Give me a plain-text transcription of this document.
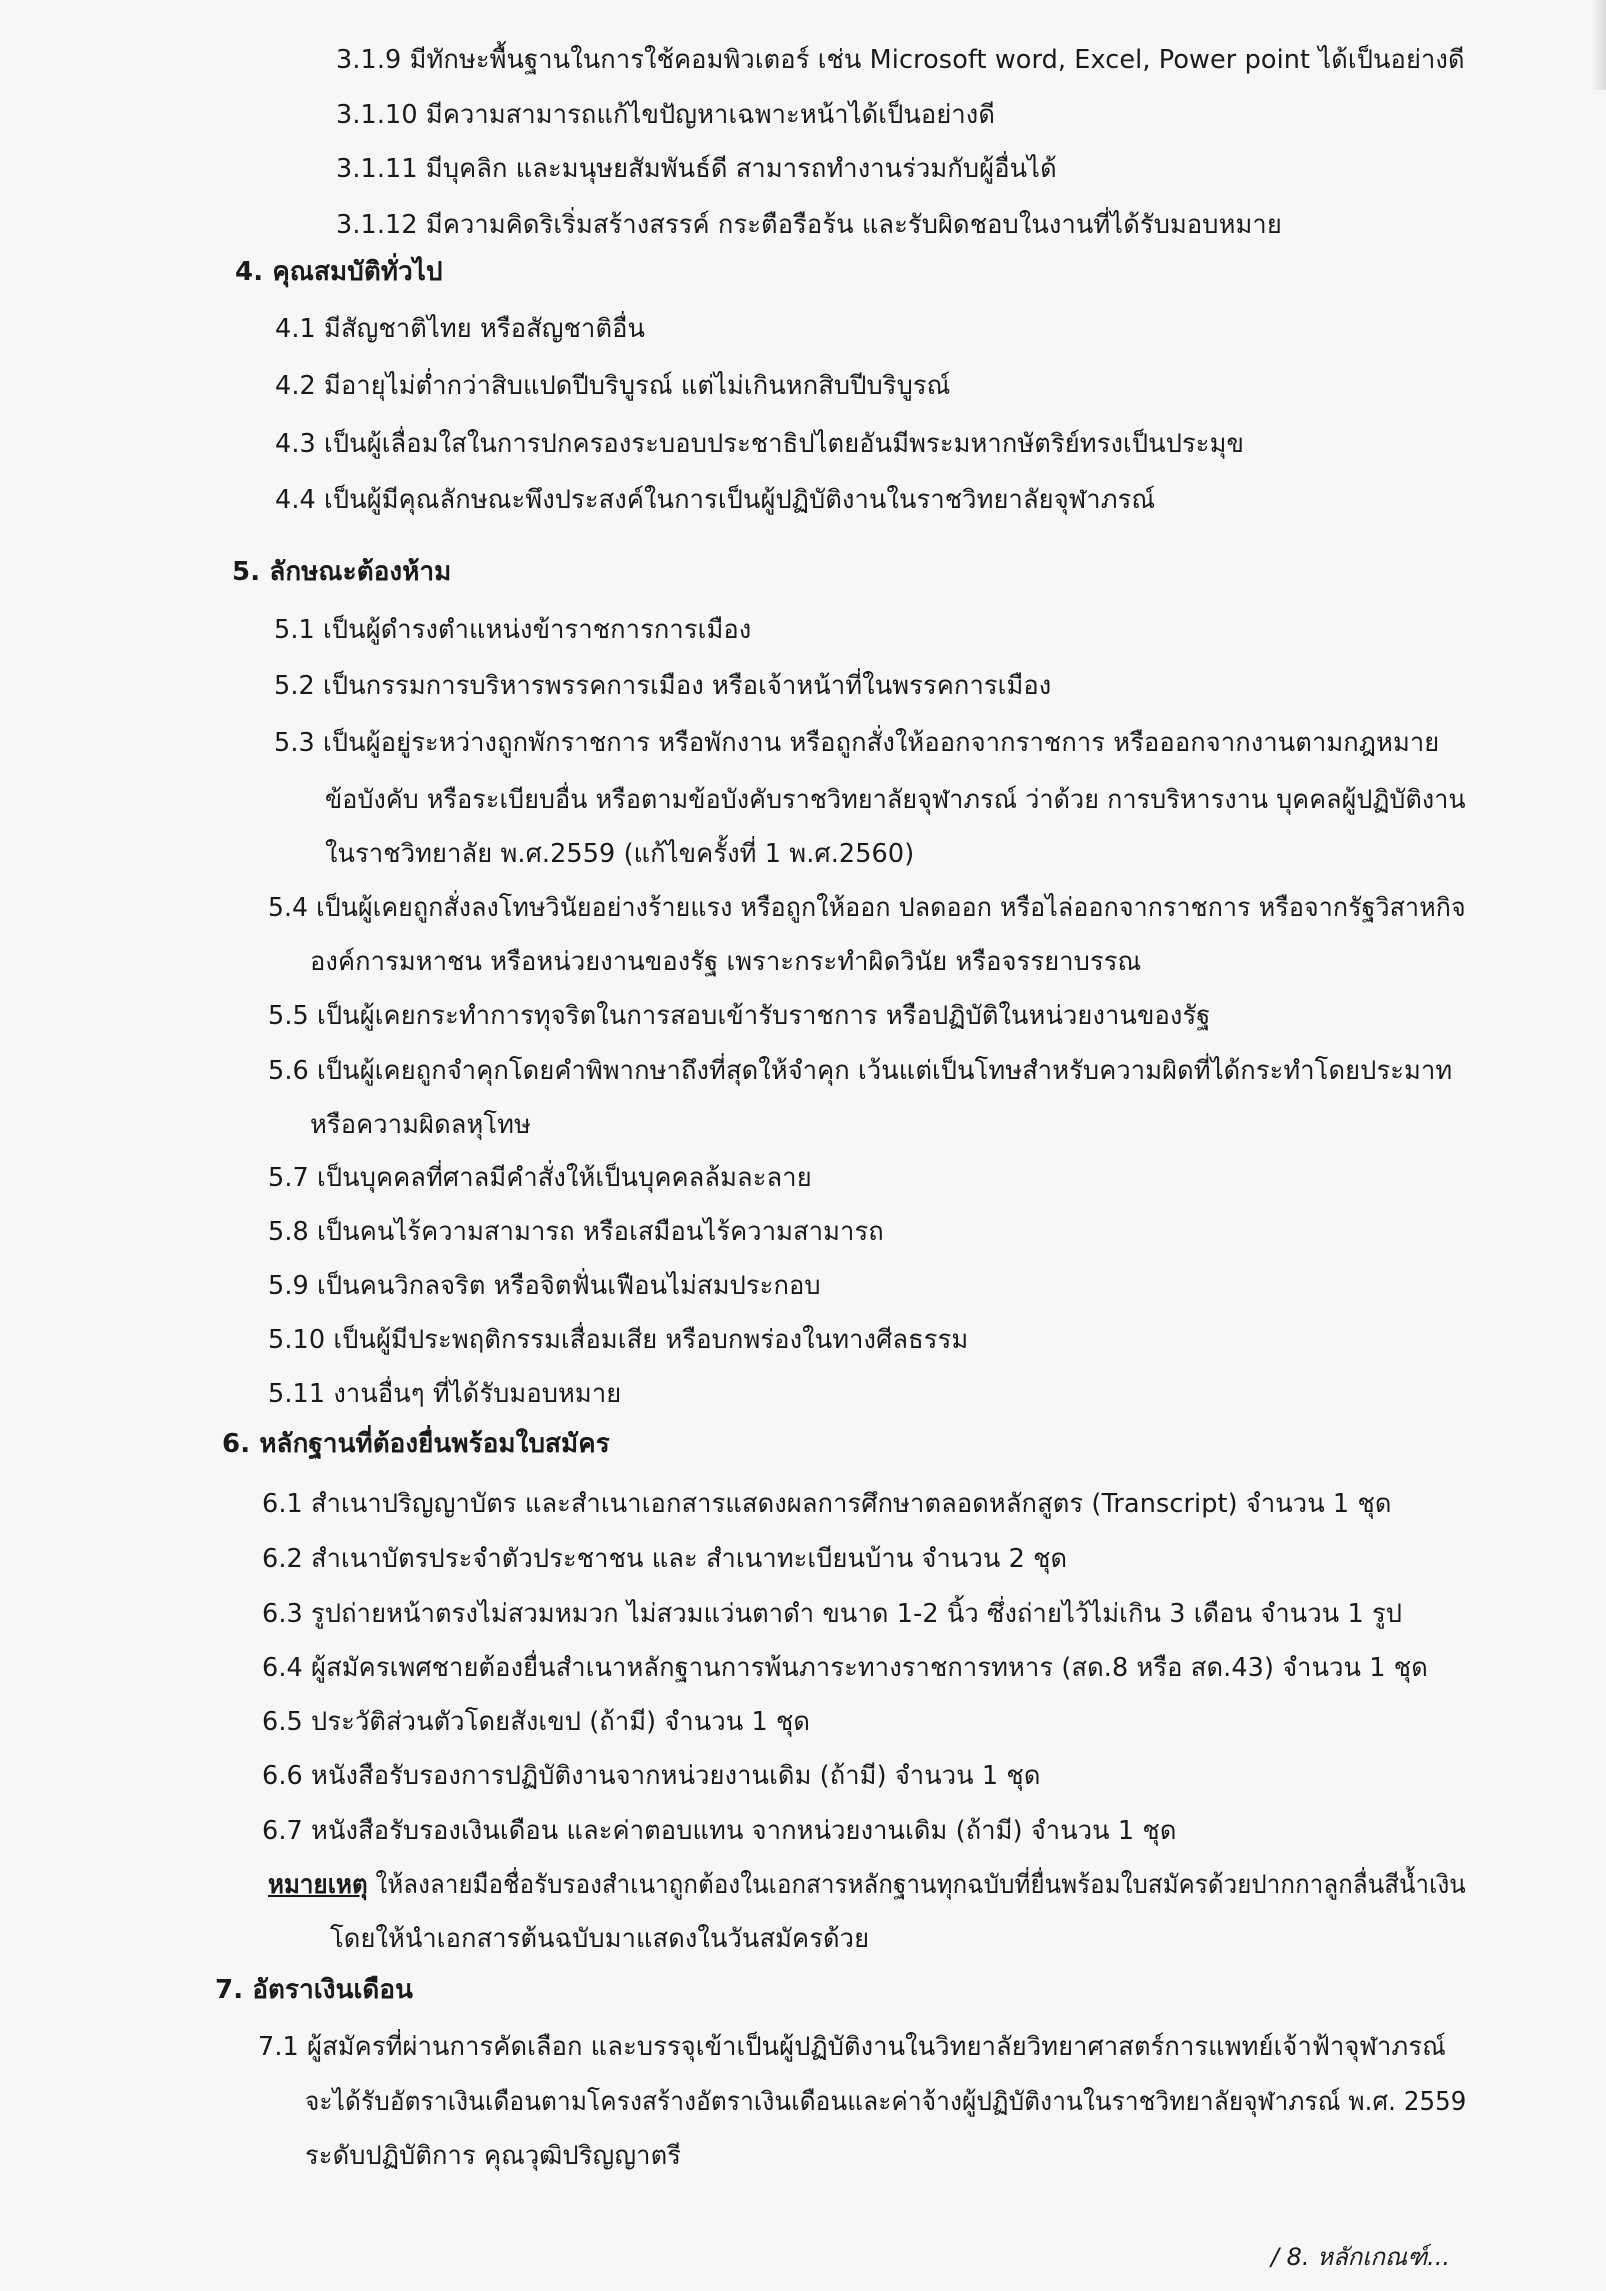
3.1.9 มีทักษะพื้นฐานในการใช้คอมพิวเตอร์ เช่น Microsoft word, Excel, Power point ได้เป็นอย่างดี
3.1.10 มีความสามารถแก้ไขปัญหาเฉพาะหน้าได้เป็นอย่างดี
3.1.11 มีบุคลิก และมนุษยสัมพันธ์ดี สามารถทำงานร่วมกับผู้อื่นได้
3.1.12 มีความคิดริเริ่มสร้างสรรค์ กระตือรือร้น และรับผิดชอบในงานที่ได้รับมอบหมาย
4. คุณสมบัติทั่วไป
4.1 มีสัญชาติไทย หรือสัญชาติอื่น
4.2 มีอายุไม่ต่ำกว่าสิบแปดปีบริบูรณ์ แต่ไม่เกินหกสิบปีบริบูรณ์
4.3 เป็นผู้เลื่อมใสในการปกครองระบอบประชาธิปไตยอันมีพระมหากษัตริย์ทรงเป็นประมุข
4.4 เป็นผู้มีคุณลักษณะพึงประสงค์ในการเป็นผู้ปฏิบัติงานในราชวิทยาลัยจุฬาภรณ์
5. ลักษณะต้องห้าม
5.1 เป็นผู้ดำรงตำแหน่งข้าราชการการเมือง
5.2 เป็นกรรมการบริหารพรรคการเมือง หรือเจ้าหน้าที่ในพรรคการเมือง
5.3 เป็นผู้อยู่ระหว่างถูกพักราชการ หรือพักงาน หรือถูกสั่งให้ออกจากราชการ หรือออกจากงานตามกฎหมาย
ข้อบังคับ หรือระเบียบอื่น หรือตามข้อบังคับราชวิทยาลัยจุฬาภรณ์ ว่าด้วย การบริหารงาน บุคคลผู้ปฏิบัติงาน
ในราชวิทยาลัย พ.ศ.2559 (แก้ไขครั้งที่ 1 พ.ศ.2560)
5.4 เป็นผู้เคยถูกสั่งลงโทษวินัยอย่างร้ายแรง หรือถูกให้ออก ปลดออก หรือไล่ออกจากราชการ หรือจากรัฐวิสาหกิจ
องค์การมหาชน หรือหน่วยงานของรัฐ เพราะกระทำผิดวินัย หรือจรรยาบรรณ
5.5 เป็นผู้เคยกระทำการทุจริตในการสอบเข้ารับราชการ หรือปฏิบัติในหน่วยงานของรัฐ
5.6 เป็นผู้เคยถูกจำคุกโดยคำพิพากษาถึงที่สุดให้จำคุก เว้นแต่เป็นโทษสำหรับความผิดที่ได้กระทำโดยประมาท
หรือความผิดลหุโทษ
5.7 เป็นบุคคลที่ศาลมีคำสั่งให้เป็นบุคคลล้มละลาย
5.8 เป็นคนไร้ความสามารถ หรือเสมือนไร้ความสามารถ
5.9 เป็นคนวิกลจริต หรือจิตฟั่นเฟือนไม่สมประกอบ
5.10 เป็นผู้มีประพฤติกรรมเสื่อมเสีย หรือบกพร่องในทางศีลธรรม
5.11 งานอื่นๆ ที่ได้รับมอบหมาย
6. หลักฐานที่ต้องยื่นพร้อมใบสมัคร
6.1 สำเนาปริญญาบัตร และสำเนาเอกสารแสดงผลการศึกษาตลอดหลักสูตร (Transcript) จำนวน 1 ชุด
6.2 สำเนาบัตรประจำตัวประชาชน และ สำเนาทะเบียนบ้าน จำนวน 2 ชุด
6.3 รูปถ่ายหน้าตรงไม่สวมหมวก ไม่สวมแว่นตาดำ ขนาด 1-2 นิ้ว ซึ่งถ่ายไว้ไม่เกิน 3 เดือน จำนวน 1 รูป
6.4 ผู้สมัครเพศชายต้องยื่นสำเนาหลักฐานการพ้นภาระทางราชการทหาร (สด.8 หรือ สด.43) จำนวน 1 ชุด
6.5 ประวัติส่วนตัวโดยสังเขป (ถ้ามี) จำนวน 1 ชุด
6.6 หนังสือรับรองการปฏิบัติงานจากหน่วยงานเดิม (ถ้ามี) จำนวน 1 ชุด
6.7 หนังสือรับรองเงินเดือน และค่าตอบแทน จากหน่วยงานเดิม (ถ้ามี) จำนวน 1 ชุด
หมายเหตุ ให้ลงลายมือชื่อรับรองสำเนาถูกต้องในเอกสารหลักฐานทุกฉบับที่ยื่นพร้อมใบสมัครด้วยปากกาลูกลื่นสีน้ำเงิน
โดยให้นำเอกสารต้นฉบับมาแสดงในวันสมัครด้วย
7. อัตราเงินเดือน
7.1 ผู้สมัครที่ผ่านการคัดเลือก และบรรจุเข้าเป็นผู้ปฏิบัติงานในวิทยาลัยวิทยาศาสตร์การแพทย์เจ้าฟ้าจุฬาภรณ์
จะได้รับอัตราเงินเดือนตามโครงสร้างอัตราเงินเดือนและค่าจ้างผู้ปฏิบัติงานในราชวิทยาลัยจุฬาภรณ์ พ.ศ. 2559
ระดับปฏิบัติการ คุณวุฒิปริญญาตรี
/ 8. หลักเกณฑ์...
